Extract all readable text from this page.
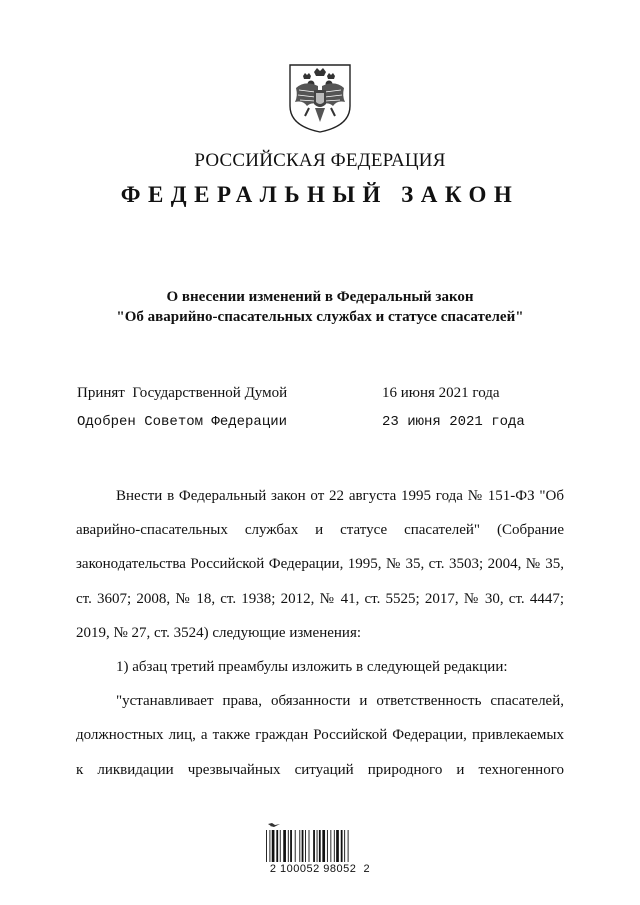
РОССИЙСКАЯ ФЕДЕРАЦИЯ
ФЕДЕРАЛЬНЫЙ ЗАКОН
О внесении изменений в Федеральный закон
"Об аварийно-спасательных службах и статусе спасателей"
Принят  Государственной Думой	16 июня 2021 года
Одобрен Советом Федерации	23 июня 2021 года

Внести в Федеральный закон от 22 августа 1995 года № 151-ФЗ "Об аварийно-спасательных службах и статусе спасателей" (Собрание законодательства Российской Федерации, 1995, № 35, ст. 3503; 2004, № 35, ст. 3607; 2008, № 18, ст. 1938; 2012, № 41, ст. 5525; 2017, № 30, ст. 4447; 2019, № 27, ст. 3524) следующие изменения:

1) абзац третий преамбулы изложить в следующей редакции:

"устанавливает права, обязанности и ответственность спасателей, должностных лиц, а также граждан Российской Федерации, привлекаемых к ликвидации чрезвычайных ситуаций природного и техногенного

2 100052 98052  2
